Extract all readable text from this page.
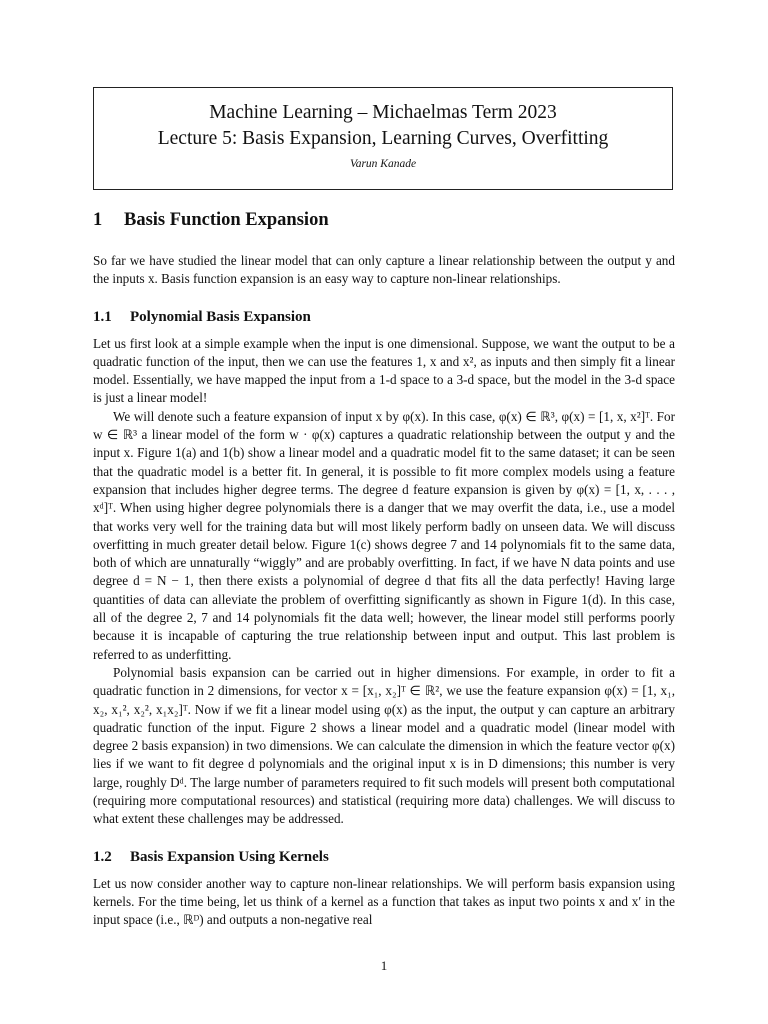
Machine Learning – Michaelmas Term 2023
Lecture 5: Basis Expansion, Learning Curves, Overfitting
Varun Kanade
1 Basis Function Expansion

So far we have studied the linear model that can only capture a linear relationship between the output y and the inputs x. Basis function expansion is an easy way to capture non-linear relationships.

1.1 Polynomial Basis Expansion

Let us first look at a simple example when the input is one dimensional. Suppose, we want the output to be a quadratic function of the input, then we can use the features 1, x and x², as inputs and then simply fit a linear model. Essentially, we have mapped the input from a 1-d space to a 3-d space, but the model in the 3-d space is just a linear model!

We will denote such a feature expansion of input x by φ(x). In this case, φ(x) ∈ ℝ³, φ(x) = [1, x, x²]ᵀ. For w ∈ ℝ³ a linear model of the form w · φ(x) captures a quadratic relationship between the output y and the input x. Figure 1(a) and 1(b) show a linear model and a quadratic model fit to the same dataset; it can be seen that the quadratic model is a better fit. In general, it is possible to fit more complex models using a feature expansion that includes higher degree terms. The degree d feature expansion is given by φ(x) = [1, x, . . . , xᵈ]ᵀ. When using higher degree polynomials there is a danger that we may overfit the data, i.e., use a model that works very well for the training data but will most likely perform badly on unseen data. We will discuss overfitting in much greater detail below. Figure 1(c) shows degree 7 and 14 polynomials fit to the same data, both of which are unnaturally “wiggly” and are probably overfitting. In fact, if we have N data points and use degree d = N − 1, then there exists a polynomial of degree d that fits all the data perfectly! Having large quantities of data can alleviate the problem of overfitting significantly as shown in Figure 1(d). In this case, all of the degree 2, 7 and 14 polynomials fit the data well; however, the linear model still performs poorly because it is incapable of capturing the true relationship between input and output. This last problem is referred to as underfitting.

Polynomial basis expansion can be carried out in higher dimensions. For example, in order to fit a quadratic function in 2 dimensions, for vector x = [x₁, x₂]ᵀ ∈ ℝ², we use the feature expansion φ(x) = [1, x₁, x₂, x₁², x₂², x₁x₂]ᵀ. Now if we fit a linear model using φ(x) as the input, the output y can capture an arbitrary quadratic function of the input. Figure 2 shows a linear model and a quadratic model (linear model with degree 2 basis expansion) in two dimensions. We can calculate the dimension in which the feature vector φ(x) lies if we want to fit degree d polynomials and the original input x is in D dimensions; this number is very large, roughly Dᵈ. The large number of parameters required to fit such models will present both computational (requiring more computational resources) and statistical (requiring more data) challenges. We will discuss to what extent these challenges may be addressed.

1.2 Basis Expansion Using Kernels

Let us now consider another way to capture non-linear relationships. We will perform basis expansion using kernels. For the time being, let us think of a kernel as a function that takes as input two points x and x′ in the input space (i.e., ℝᴰ) and outputs a non-negative real

1
